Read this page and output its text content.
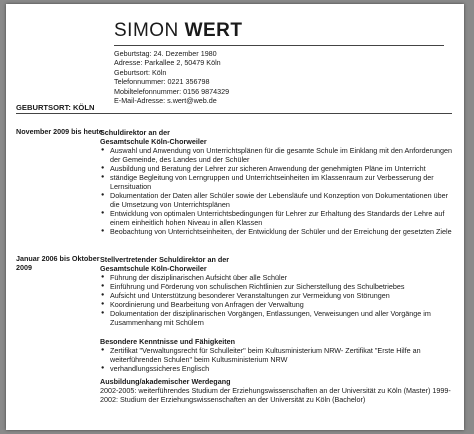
SIMON WERT
Geburtstag: 24. Dezember 1980
Adresse: Parkallee 2, 50479 Köln
Geburtsort: Köln
Telefonnummer: 0221 356798
Mobiltelefonnummer: 0156 9874329
E-Mail-Adresse: s.wert@web.de
GEBURTSORT: KÖLN
November 2009 bis heute
Schuldirektor an der Gesamtschule Köln-Chorweiler
● Auswahl und Anwendung von Unterrichtsplänen für die gesamte Schule im Einklang mit den Anforderungen der Gemeinde, des Landes und der Schüler
● Ausbildung und Beratung der Lehrer zur sicheren Anwendung der genehmigten Pläne im Unterricht
● ständige Begleitung von Lerngruppen und Unterrichtseinheiten im Klassenraum zur Verbesserung der Lernsituation
● Dokumentation der Daten aller Schüler sowie der Lebensläufe und Konzeption von Dokumentationen über die Umsetzung von Unterrichtsplänen
● Entwicklung von optimalen Unterrichtsbedingungen für Lehrer zur Erhaltung des Standards der Lehre auf einem einheitlich hohen Niveau in allen Klassen
● Beobachtung von Unterrichtseinheiten, der Entwicklung der Schüler und der Erreichung der gesetzten Ziele
Januar 2006 bis Oktober 2009
Stellvertretender Schuldirektor an der Gesamtschule Köln-Chorweiler
● Führung der disziplinarischen Aufsicht über alle Schüler
● Einführung und Förderung von schulischen Richtlinien zur Sicherstellung des Schulbetriebes
● Aufsicht und Unterstützung besonderer Veranstaltungen zur Vermeidung von Störungen
● Koordinierung und Bearbeitung von Anfragen der Verwaltung
● Dokumentation der disziplinarischen Vorgängen, Entlassungen, Verweisungen und aller Vorgänge im Zusammenhang mit Schülern
Besondere Kenntnisse und Fähigkeiten
● Zertifikat "Verwaltungsrecht für Schulleiter" beim Kultusministerium NRW- Zertifikat "Erste Hilfe an weiterführenden Schulen" beim Kultusministerium NRW
● verhandlungssicheres Englisch
Ausbildung/akademischer Werdegang
2002-2005: weiterführendes Studium der Erziehungswissenschaften an der Universität zu Köln (Master) 1999-2002: Studium der Erziehungswissenschaften an der Universität zu Köln (Bachelor)
